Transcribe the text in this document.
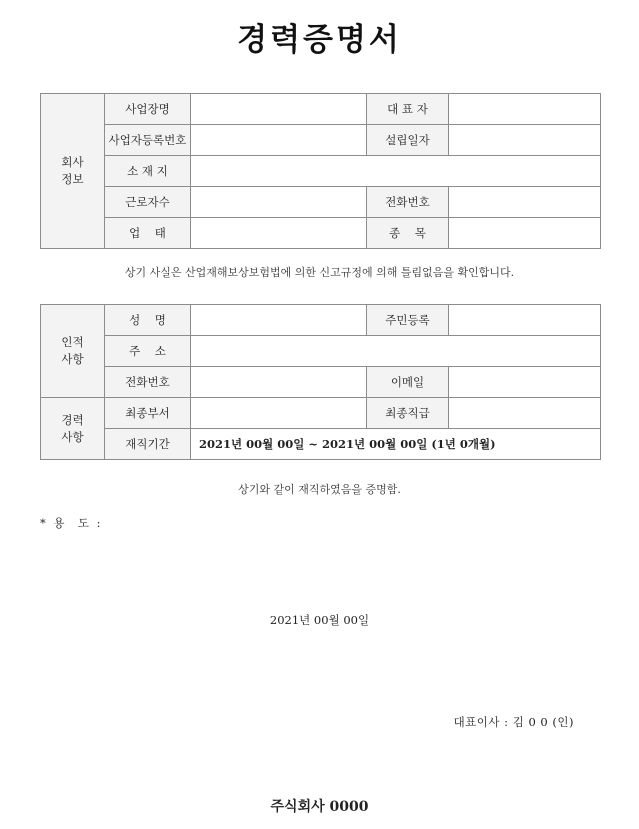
경력증명서
회사
정보	사업장명		대 표 자	
	사업자등록번호		설립일자	
	소 재 지			
	근로자수		전화번호	
	업    태		종    목	
상기 사실은 산업재해보상보험법에 의한 신고규정에 의해 틀림없음을 확인합니다.
인적
사항	성    명		주민등록	
	주    소			
	전화번호		이메일	
경력
사항	최종부서		최종직급	
	재직기간	2021년 00월 00일 ~ 2021년 00월 00일 (1년 0개월)		
상기와 같이 재직하였음을 증명함.
* 용  도 :
2021년 00월 00일
대표이사 : 김 0 0 (인)
주식회사 0000
